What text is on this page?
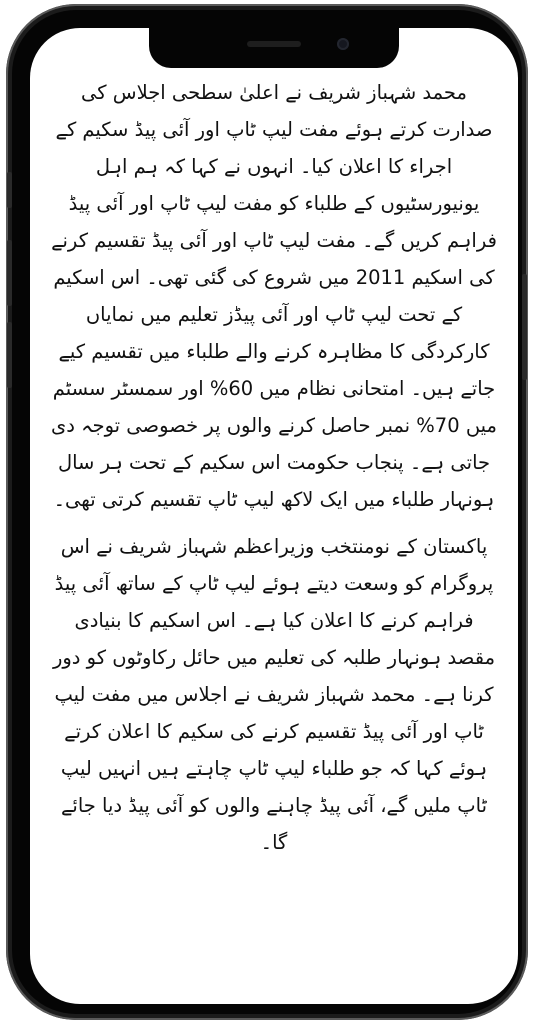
محمد شہباز شریف نے اعلیٰ سطحی اجلاس کی صدارت کرتے ہوئے مفت لیپ ٹاپ اور آئی پیڈ سکیم کے اجراء کا اعلان کیا۔ انہوں نے کہا کہ ہم اہل یونیورسٹیوں کے طلباء کو مفت لیپ ٹاپ اور آئی پیڈ فراہم کریں گے۔ مفت لیپ ٹاپ اور آئی پیڈ تقسیم کرنے کی اسکیم 2011 میں شروع کی گئی تھی۔ اس اسکیم کے تحت لیپ ٹاپ اور آئی پیڈز تعلیم میں نمایاں کارکردگی کا مظاہرہ کرنے والے طلباء میں تقسیم کیے جاتے ہیں۔ امتحانی نظام میں 60% اور سمسٹر سسٹم میں 70% نمبر حاصل کرنے والوں پر خصوصی توجہ دی جاتی ہے۔ پنجاب حکومت اس سکیم کے تحت ہر سال ہونہار طلباء میں ایک لاکھ لیپ ٹاپ تقسیم کرتی تھی۔

پاکستان کے نومنتخب وزیراعظم شہباز شریف نے اس پروگرام کو وسعت دیتے ہوئے لیپ ٹاپ کے ساتھ آئی پیڈ فراہم کرنے کا اعلان کیا ہے۔ اس اسکیم کا بنیادی مقصد ہونہار طلبہ کی تعلیم میں حائل رکاوٹوں کو دور کرنا ہے۔ محمد شہباز شریف نے اجلاس میں مفت لیپ ٹاپ اور آئی پیڈ تقسیم کرنے کی سکیم کا اعلان کرتے ہوئے کہا کہ جو طلباء لیپ ٹاپ چاہتے ہیں انہیں لیپ ٹاپ ملیں گے، آئی پیڈ چاہنے والوں کو آئی پیڈ دیا جائے گا۔
